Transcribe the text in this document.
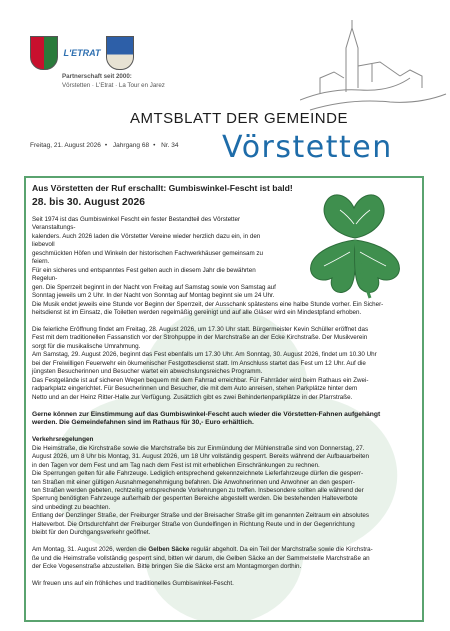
L'ETRAT
Partnerschaft seit 2000:
Vörstetten · L'Etrat · La Tour en Jarez
AMTSBLATT DER GEMEINDE
Vörstetten
Freitag, 21. August 2026 • Jahrgang 68 • Nr. 34

Aus Vörstetten der Ruf erschallt: Gumbiswinkel-Fescht ist bald!

28. bis 30. August 2026

Seit 1974 ist das Gumbiswinkel Fescht ein fester Bestandteil des Vörstetter Veranstaltungs-

kalenders. Auch 2026 laden die Vörstetter Vereine wieder herzlich dazu ein, in den liebevoll

geschmückten Höfen und Winkeln der historischen Fachwerkhäuser gemeinsam zu feiern.

Für ein sicheres und entspanntes Fest gelten auch in diesem Jahr die bewährten Regelun-

gen. Die Sperrzeit beginnt in der Nacht von Freitag auf Samstag sowie von Samstag auf

Sonntag jeweils um 2 Uhr. In der Nacht von Sonntag auf Montag beginnt sie um 24 Uhr.

Die Musik endet jeweils eine Stunde vor Beginn der Sperrzeit, der Ausschank spätestens eine halbe Stunde vorher. Ein Sicher-

heitsdienst ist im Einsatz, die Toiletten werden regelmäßig gereinigt und auf alle Gläser wird ein Mindestpfand erhoben.

Die feierliche Eröffnung findet am Freitag, 28. August 2026, um 17.30 Uhr statt. Bürgermeister Kevin Schüller eröffnet das

Fest mit dem traditionellen Fassanstich vor der Strohpuppe in der Marchstraße an der Ecke Kirchstraße. Der Musikverein

sorgt für die musikalische Umrahmung.

Am Samstag, 29. August 2026, beginnt das Fest ebenfalls um 17.30 Uhr. Am Sonntag, 30. August 2026, findet um 10.30 Uhr

bei der Freiwilligen Feuerwehr ein ökumenischer Festgottesdienst statt. Im Anschluss startet das Fest um 12 Uhr. Auf die

jüngsten Besucherinnen und Besucher wartet ein abwechslungsreiches Programm.

Das Festgelände ist auf sicheren Wegen bequem mit dem Fahrrad erreichbar. Für Fahrräder wird beim Rathaus ein Zwei-

radparkplatz eingerichtet. Für Besucherinnen und Besucher, die mit dem Auto anreisen, stehen Parkplätze hinter dem

Netto und an der Heinz Ritter-Halle zur Verfügung. Zusätzlich gibt es zwei Behindertenparkplätze in der Pfarrstraße.

Gerne können zur Einstimmung auf das Gumbiswinkel-Fescht auch wieder die Vörstetten-Fahnen aufgehängt

werden. Die Gemeindefahnen sind im Rathaus für 30,- Euro erhältlich.

Verkehrsregelungen

Die Heimstraße, die Kirchstraße sowie die Marchstraße bis zur Einmündung der Mühlenstraße sind von Donnerstag, 27.

August 2026, um 8 Uhr bis Montag, 31. August 2026, um 18 Uhr vollständig gesperrt. Bereits während der Aufbauarbeiten

in den Tagen vor dem Fest und am Tag nach dem Fest ist mit erheblichen Einschränkungen zu rechnen.

Die Sperrungen gelten für alle Fahrzeuge. Lediglich entsprechend gekennzeichnete Lieferfahrzeuge dürfen die gesperr-

ten Straßen mit einer gültigen Ausnahmegenehmigung befahren. Die Anwohnerinnen und Anwohner an den gesperr-

ten Straßen werden gebeten, rechtzeitig entsprechende Vorkehrungen zu treffen. Insbesondere sollten alle während der

Sperrung benötigten Fahrzeuge außerhalb der gesperrten Bereiche abgestellt werden. Die bestehenden Halteverbote

sind unbedingt zu beachten.

Entlang der Denzlinger Straße, der Freiburger Straße und der Breisacher Straße gilt im genannten Zeitraum ein absolutes

Halteverbot. Die Ortsdurchfahrt der Freiburger Straße von Gundelfingen in Richtung Reute und in der Gegenrichtung

bleibt für den Durchgangsverkehr geöffnet.

Am Montag, 31. August 2026, werden die Gelben Säcke regulär abgeholt. Da ein Teil der Marchstraße sowie die Kirchstra-

ße und die Heimstraße vollständig gesperrt sind, bitten wir darum, die Gelben Säcke an der Sammelstelle Marchstraße an

der Ecke Vogesenstraße abzustellen. Bitte bringen Sie die Säcke erst am Montagmorgen dorthin.

Wir freuen uns auf ein fröhliches und traditionelles Gumbiswinkel-Fescht.
